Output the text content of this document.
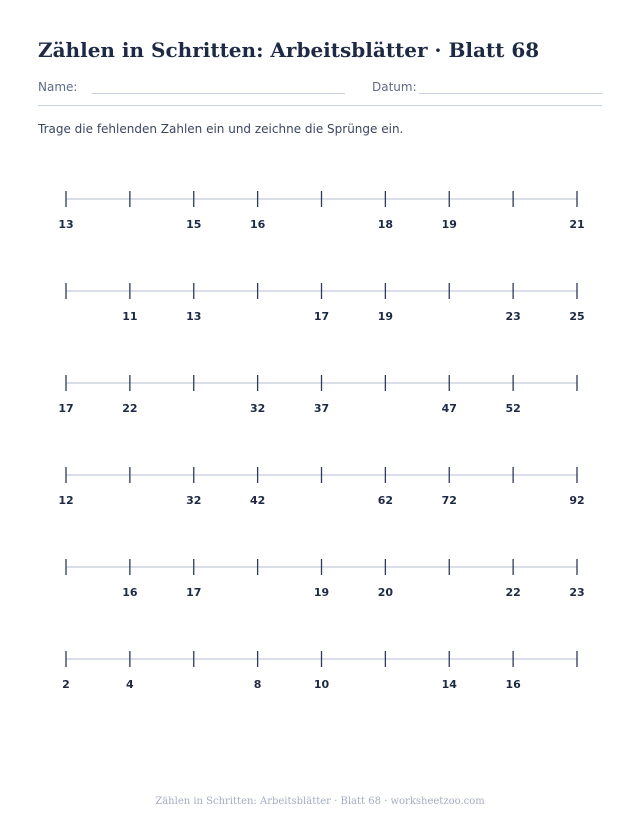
Zählen in Schritten: Arbeitsblätter · Blatt 68
Name:	Datum:
Trage die fehlenden Zahlen ein und zeichne die Sprünge ein.
13	15	16	18	19	21
11	13	17	19	23	25
17	22	32	37	47	52
12	32	42	62	72	92
16	17	19	20	22	23
2	4	8	10	14	16
Zählen in Schritten: Arbeitsblätter · Blatt 68 · worksheetzoo.com
